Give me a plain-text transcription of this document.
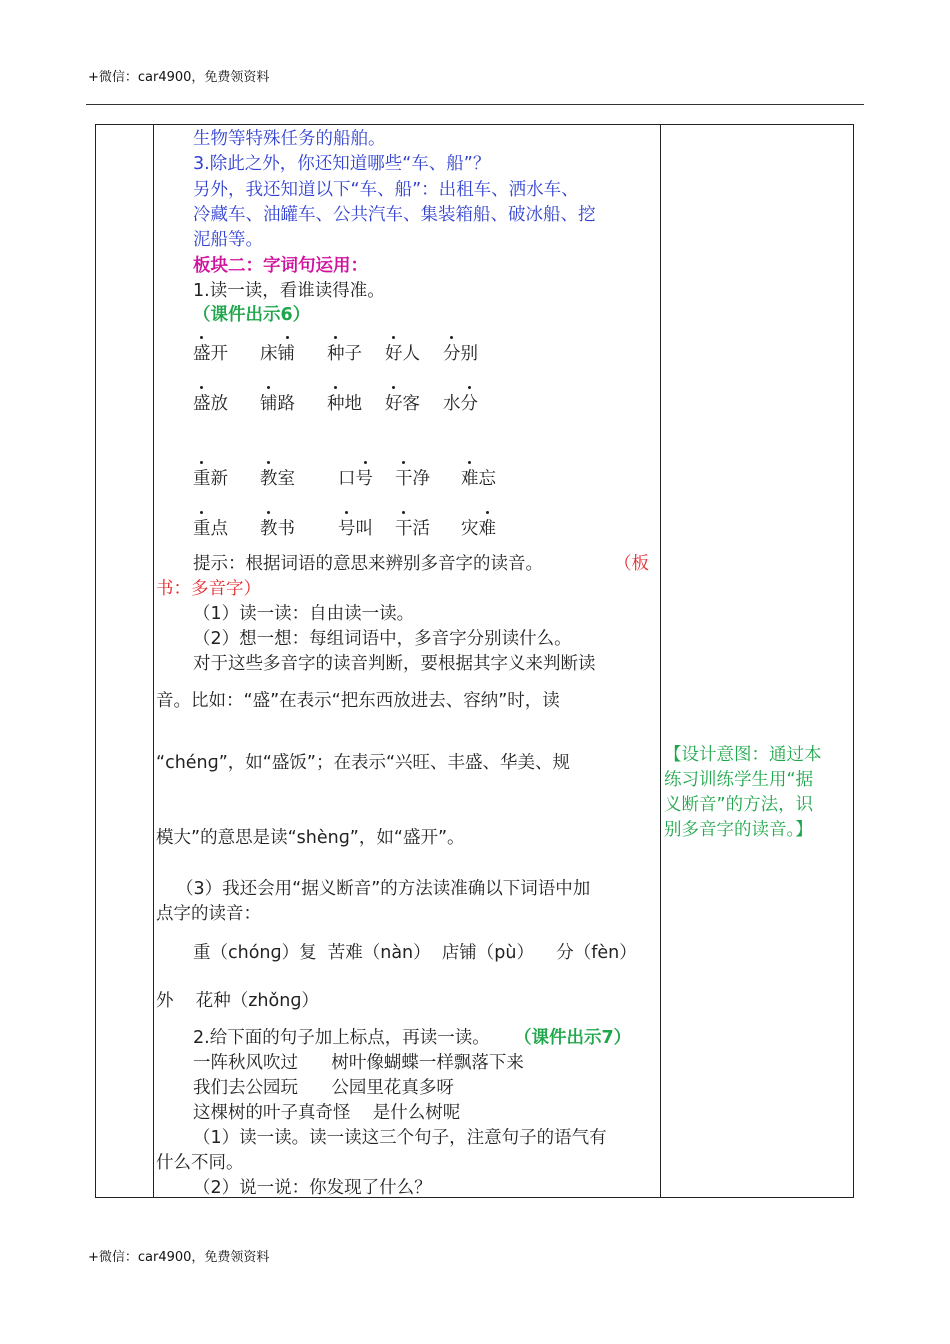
+微信：car4900，免费领资料
生物等特殊任务的船舶。
3.除此之外，你还知道哪些“车、船”？
另外，我还知道以下“车、船”：出租车、洒水车、
冷藏车、油罐车、公共汽车、集装箱船、破冰船、挖
泥船等。
板块二：字词句运用：
1.读一读，看谁读得准。
（课件出示6）
盛开 床铺 种子 好人 分别
盛放 铺路 种地 好客 水分
重新 教室 口号 干净 难忘
重点 教书 号叫 干活 灾难
提示：根据词语的意思来辨别多音字的读音。	（板
书：多音字）
（1）读一读：自由读一读。
（2）想一想：每组词语中，多音字分别读什么。
对于这些多音字的读音判断，要根据其字义来判断读
音。比如：“盛”在表示“把东西放进去、容纳”时，读
“chénɡ”，如“盛饭”；在表示“兴旺、丰盛、华美、规
模大”的意思是读“shènɡ”，如“盛开”。
（3）我还会用“据义断音”的方法读准确以下词语中加
点字的读音：
重（chónɡ）复  苦难（nàn）  店铺（pù）    分（fèn）
外    花种（zhǒnɡ）
2.给下面的句子加上标点，再读一读。 （课件出示7）
一阵秋风吹过      树叶像蝴蝶一样飘落下来
我们去公园玩      公园里花真多呀
这棵树的叶子真奇怪    是什么树呢
（1）读一读。读一读这三个句子，注意句子的语气有
什么不同。
（2）说一说：你发现了什么？
【设计意图：通过本
练习训练学生用“据
义断音”的方法，识
别多音字的读音。】
+微信：car4900，免费领资料
